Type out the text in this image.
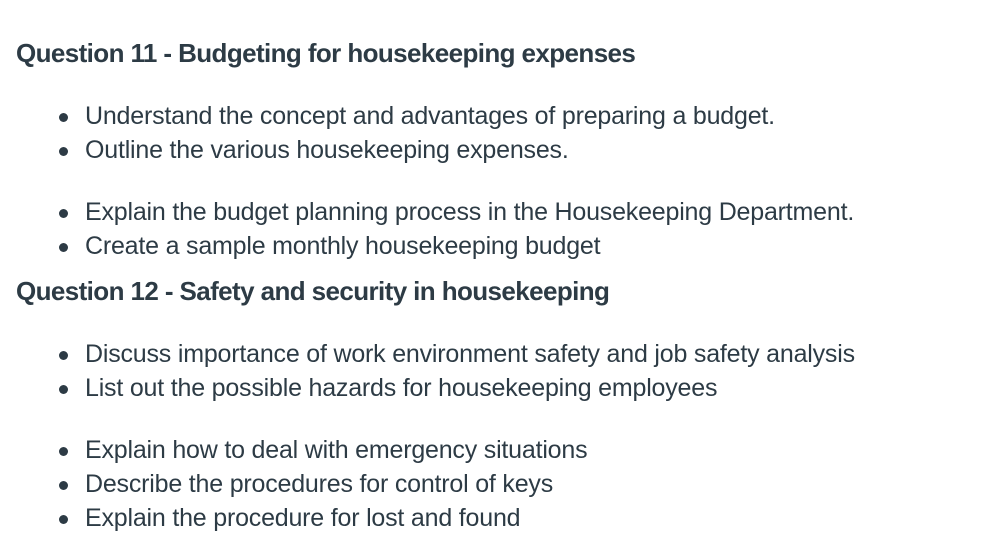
Question 11 - Budgeting for housekeeping expenses
Understand the concept and advantages of preparing a budget.
Outline the various housekeeping expenses.
Explain the budget planning process in the Housekeeping Department.
Create a sample monthly housekeeping budget
Question 12 - Safety and security in housekeeping
Discuss importance of work environment safety and job safety analysis
List out the possible hazards for housekeeping employees
Explain how to deal with emergency situations
Describe the procedures for control of keys
Explain the procedure for lost and found
